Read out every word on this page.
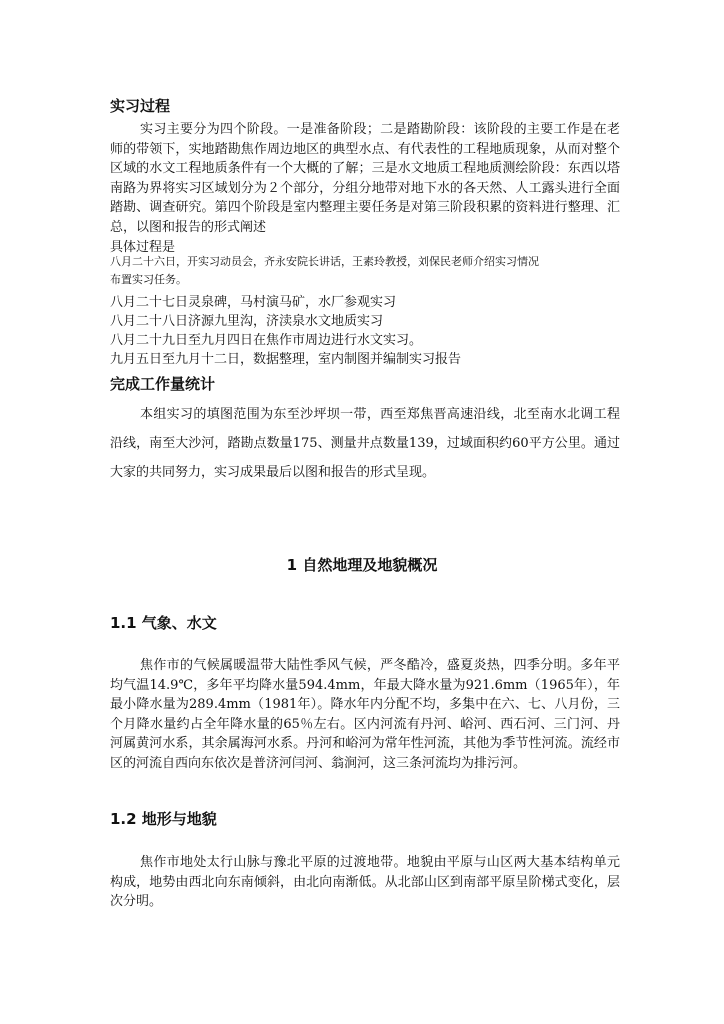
实习过程

实习主要分为四个阶段。一是准备阶段；二是踏勘阶段：该阶段的主要工作是在老师的带领下，实地踏勘焦作周边地区的典型水点、有代表性的工程地质现象，从而对整个区域的水文工程地质条件有一个大概的了解；三是水文地质工程地质测绘阶段：东西以塔南路为界将实习区域划分为２个部分，分组分地带对地下水的各天然、人工露头进行全面踏勘、调查研究。第四个阶段是室内整理主要任务是对第三阶段积累的资料进行整理、汇总，以图和报告的形式阐述

具体过程是

八月二十六日，开实习动员会，齐永安院长讲话，王素玲教授，刘保民老师介绍实习情况

布置实习任务。

八月二十七日灵泉碑，马村演马矿，水厂参观实习

八月二十八日济源九里沟，济渎泉水文地质实习

八月二十九日至九月四日在焦作市周边进行水文实习。

九月五日至九月十二日，数据整理，室内制图并编制实习报告

完成工作量统计

本组实习的填图范围为东至沙坪坝一带，西至郑焦晋高速沿线，北至南水北调工程沿线，南至大沙河，踏勘点数量175、测量井点数量139，过域面积约60平方公里。通过大家的共同努力，实习成果最后以图和报告的形式呈现。

1 自然地理及地貌概况

1.1 气象、水文

焦作市的气候属暖温带大陆性季风气候，严冬酷冷，盛夏炎热，四季分明。多年平均气温14.9℃，多年平均降水量594.4mm，年最大降水量为921.6mm（1965年），年最小降水量为289.4mm（1981年）。降水年内分配不均，多集中在六、七、八月份，三个月降水量约占全年降水量的65％左右。区内河流有丹河、峪河、西石河、三门河、丹河属黄河水系，其余属海河水系。丹河和峪河为常年性河流，其他为季节性河流。流经市区的河流自西向东依次是普济河闫河、翁涧河，这三条河流均为排污河。

1.2 地形与地貌

焦作市地处太行山脉与豫北平原的过渡地带。地貌由平原与山区两大基本结构单元构成，地势由西北向东南倾斜，由北向南渐低。从北部山区到南部平原呈阶梯式变化，层次分明。
